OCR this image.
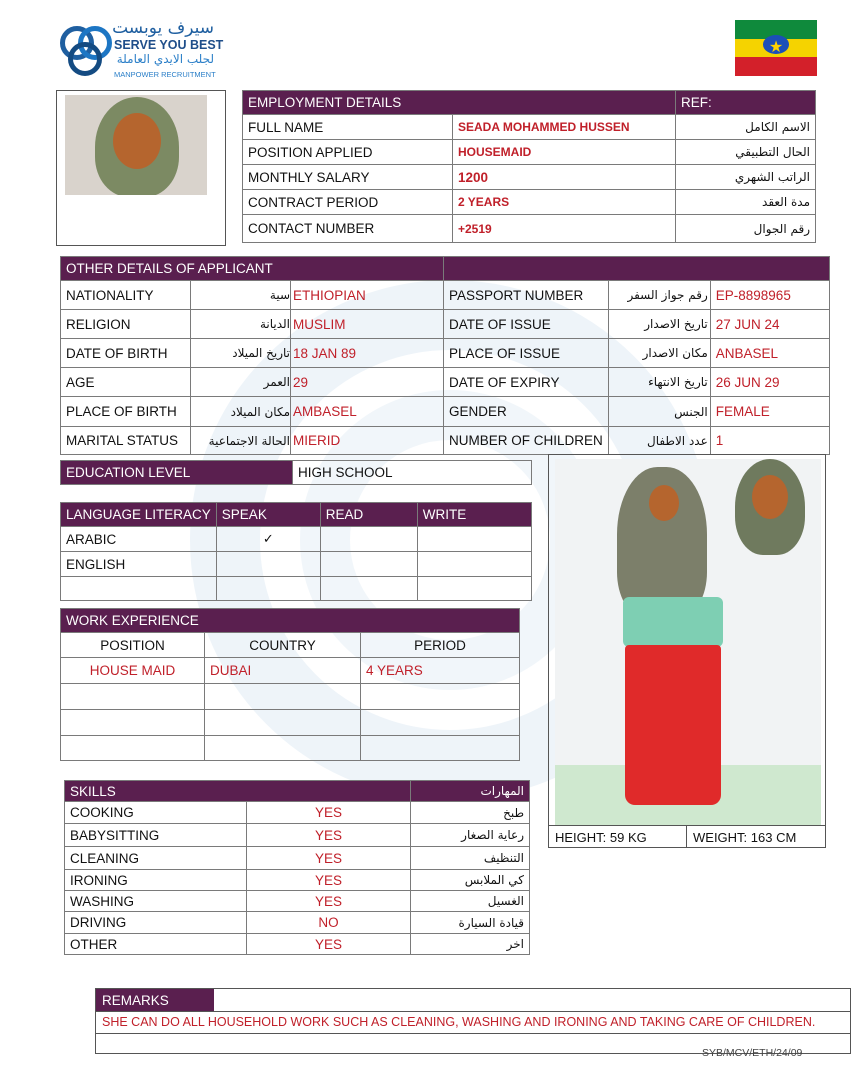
سيرف يوبست
SERVE YOU BEST
لجلب الايدي العاملة
MANPOWER RECRUITMENT
★
EMPLOYMENT DETAILS		REF:
FULL NAME	SEADA MOHAMMED HUSSEN	الاسم الكامل
POSITION APPLIED	HOUSEMAID	الحال التطبيقي
MONTHLY SALARY	1200	الراتب الشهري
CONTRACT PERIOD	2 YEARS	مدة العقد
CONTACT NUMBER	+2519	رقم الجوال
OTHER DETAILS OF APPLICANT					
NATIONALITY	سية	ETHIOPIAN	PASSPORT NUMBER	رقم جواز السفر	EP-8898965
RELIGION	الديانة	MUSLIM	DATE OF ISSUE	تاريخ الاصدار	27 JUN 24
DATE OF BIRTH	تاريخ الميلاد	18 JAN 89	PLACE OF ISSUE	مكان الاصدار	ANBASEL
AGE	العمر	29	DATE OF EXPIRY	تاريخ الانتهاء	26 JUN 29
PLACE OF BIRTH	مكان الميلاد	AMBASEL	GENDER	الجنس	FEMALE
MARITAL STATUS	الحالة الاجتماعية	MIERID	NUMBER OF CHILDREN	عدد الاطفال	1
EDUCATION LEVEL	HIGH SCHOOL
LANGUAGE LITERACY	SPEAK	READ	WRITE
ARABIC	✓		
ENGLISH			

WORK EXPERIENCE		
POSITION	COUNTRY	PERIOD
HOUSE MAID	DUBAI	4 YEARS

HEIGHT: 59 KG	WEIGHT: 163 CM
SKILLS		المهارات
COOKING	YES	طبخ
BABYSITTING	YES	رعاية الصغار
CLEANING	YES	التنظيف
IRONING	YES	كي الملابس
WASHING	YES	الغسيل
DRIVING	NO	قيادة السيارة
OTHER	YES	اخر
REMARKS
SHE CAN DO ALL HOUSEHOLD WORK SUCH AS CLEANING, WASHING AND IRONING AND TAKING CARE OF CHILDREN.
SYB/MCV/ETH/24/09
